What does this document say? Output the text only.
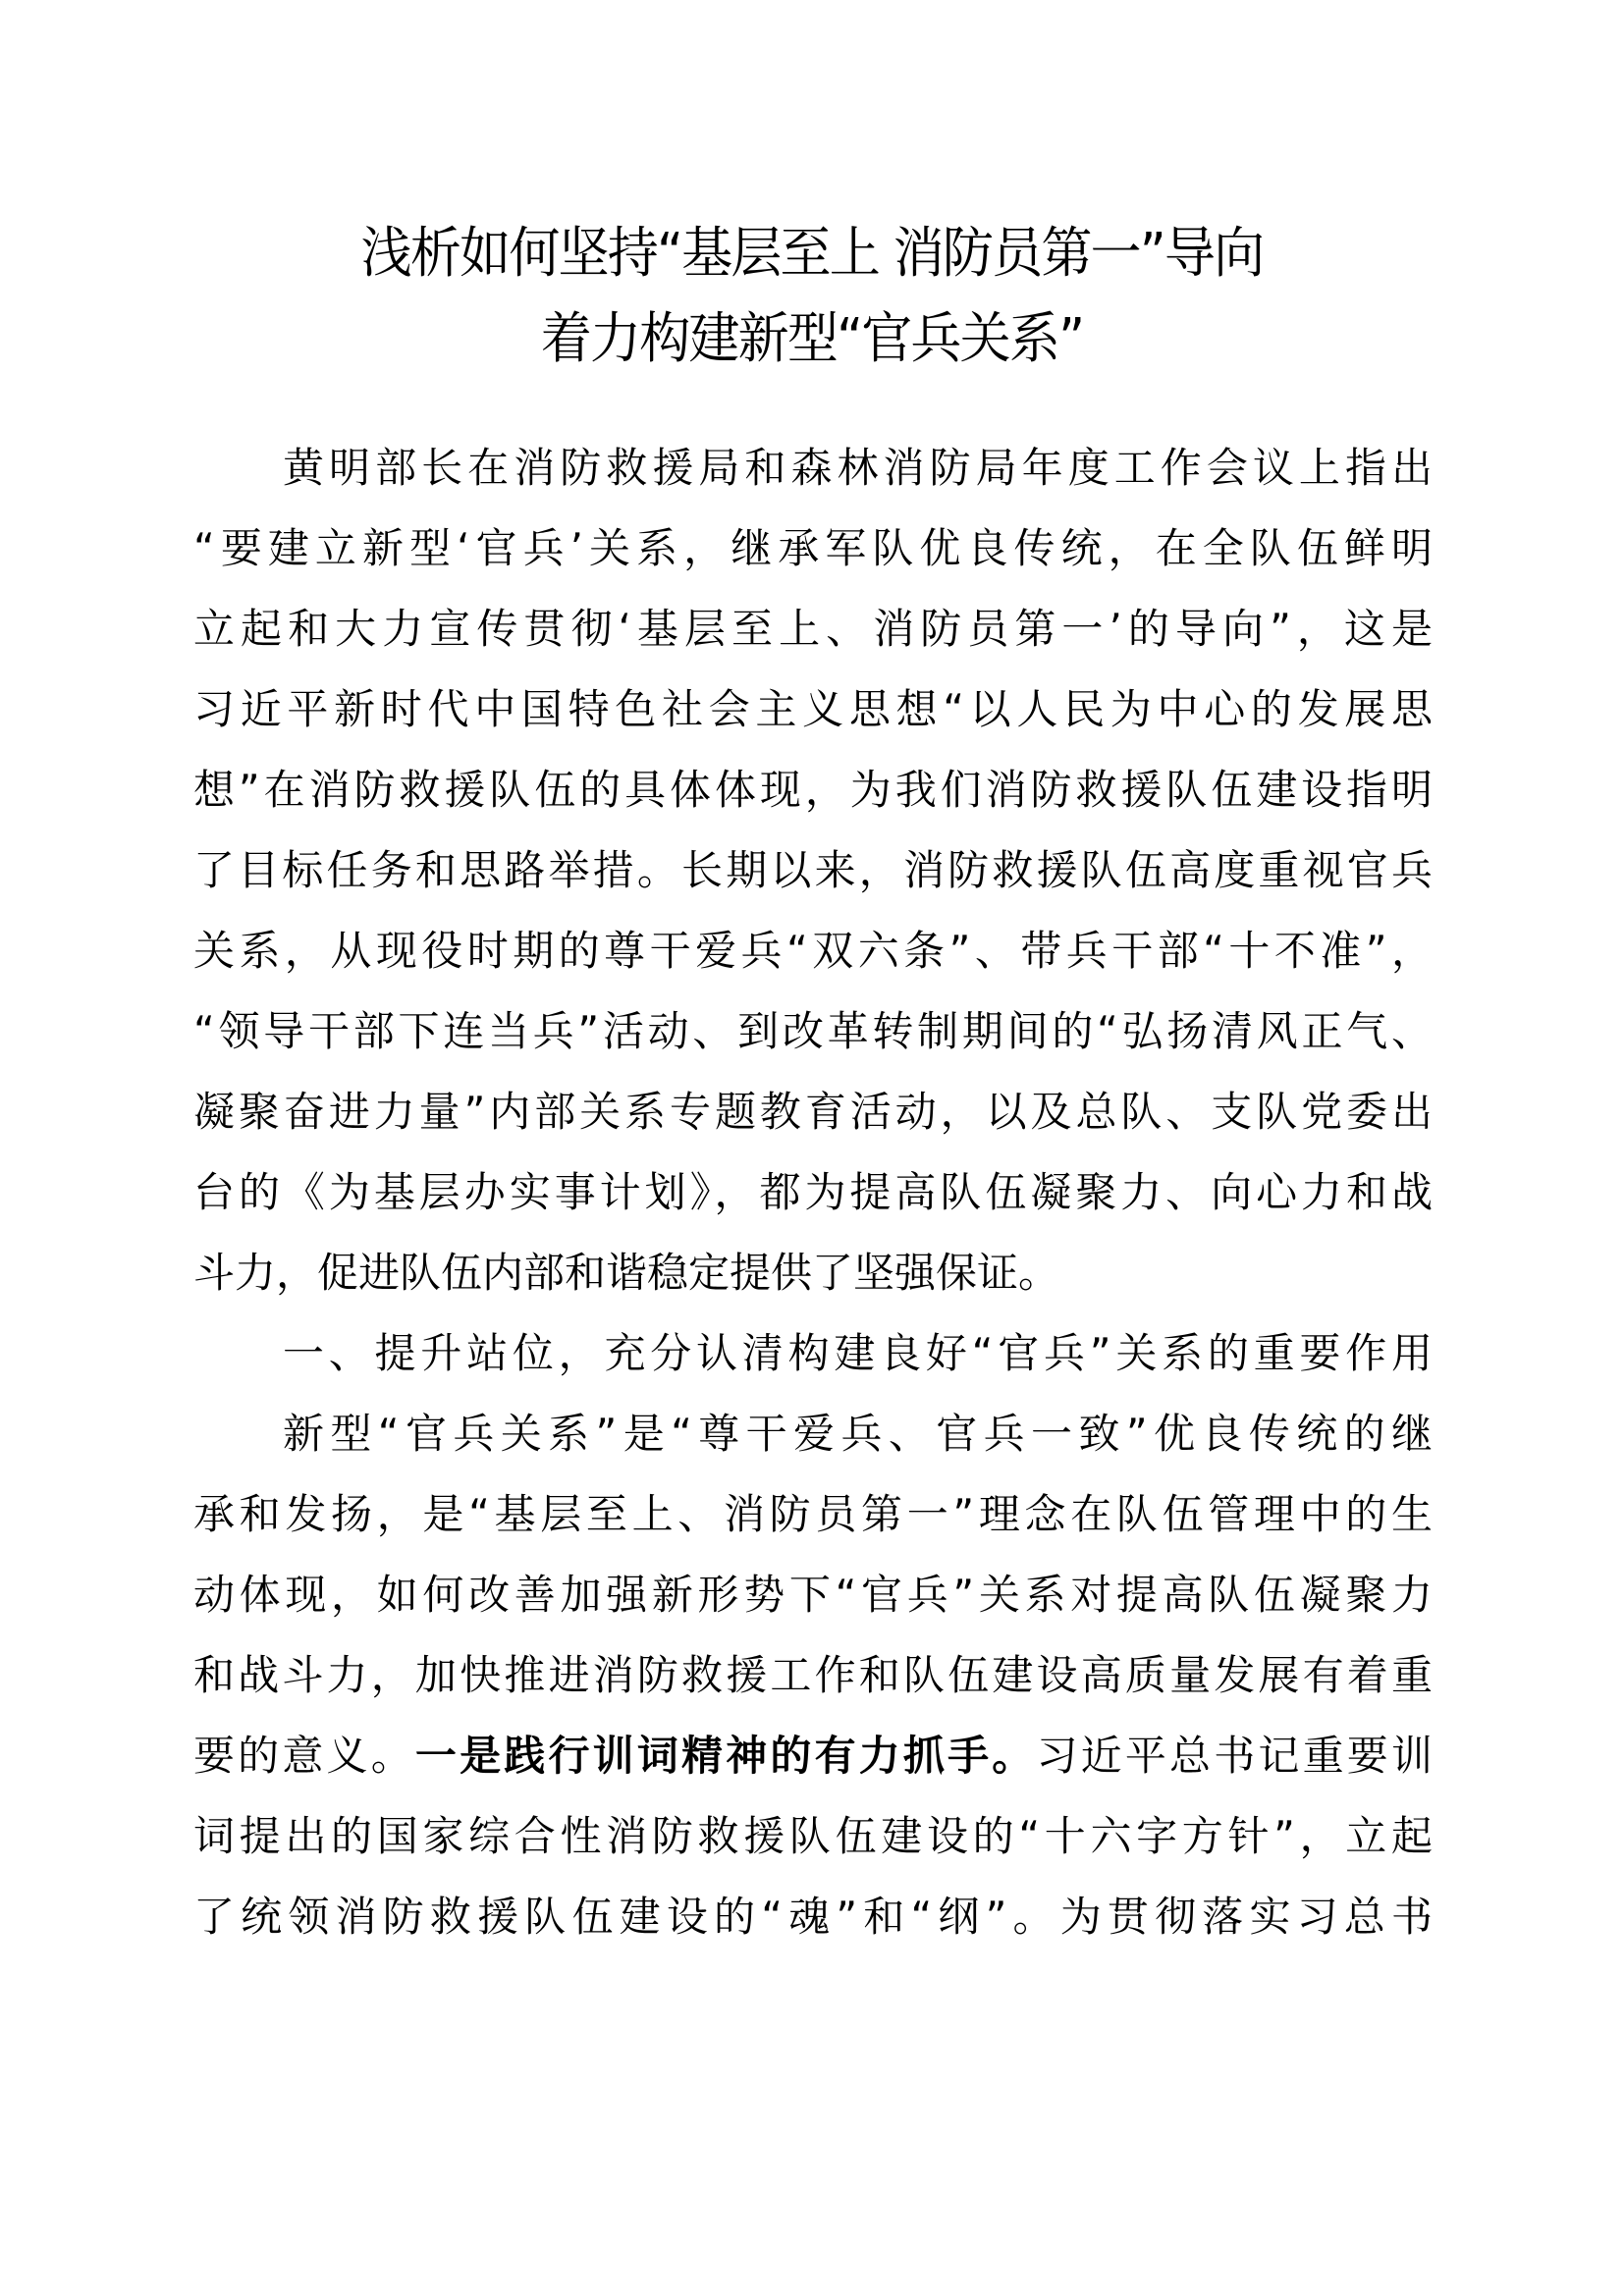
浅析如何坚持“基层至上 消防员第一”导向
着力构建新型“官兵关系”
黄明部长在消防救援局和森林消防局年度工作会议上指出
“要建立新型‘官兵’关系，继承军队优良传统，在全队伍鲜明
立起和大力宣传贯彻‘基层至上、消防员第一’的导向”，这是
习近平新时代中国特色社会主义思想“以人民为中心的发展思
想”在消防救援队伍的具体体现，为我们消防救援队伍建设指明
了目标任务和思路举措。长期以来，消防救援队伍高度重视官兵
关系，从现役时期的尊干爱兵“双六条”、带兵干部“十不准”，
“领导干部下连当兵”活动、到改革转制期间的“弘扬清风正气、
凝聚奋进力量”内部关系专题教育活动，以及总队、支队党委出
台的《为基层办实事计划》，都为提高队伍凝聚力、向心力和战
斗力，促进队伍内部和谐稳定提供了坚强保证。
一、提升站位，充分认清构建良好“官兵”关系的重要作用
新型“官兵关系”是“尊干爱兵、官兵一致”优良传统的继
承和发扬，是“基层至上、消防员第一”理念在队伍管理中的生
动体现，如何改善加强新形势下“官兵”关系对提高队伍凝聚力
和战斗力，加快推进消防救援工作和队伍建设高质量发展有着重
要的意义。一是践行训词精神的有力抓手。习近平总书记重要训
词提出的国家综合性消防救援队伍建设的“十六字方针”，立起
了统领消防救援队伍建设的“魂”和“纲”。为贯彻落实习总书
